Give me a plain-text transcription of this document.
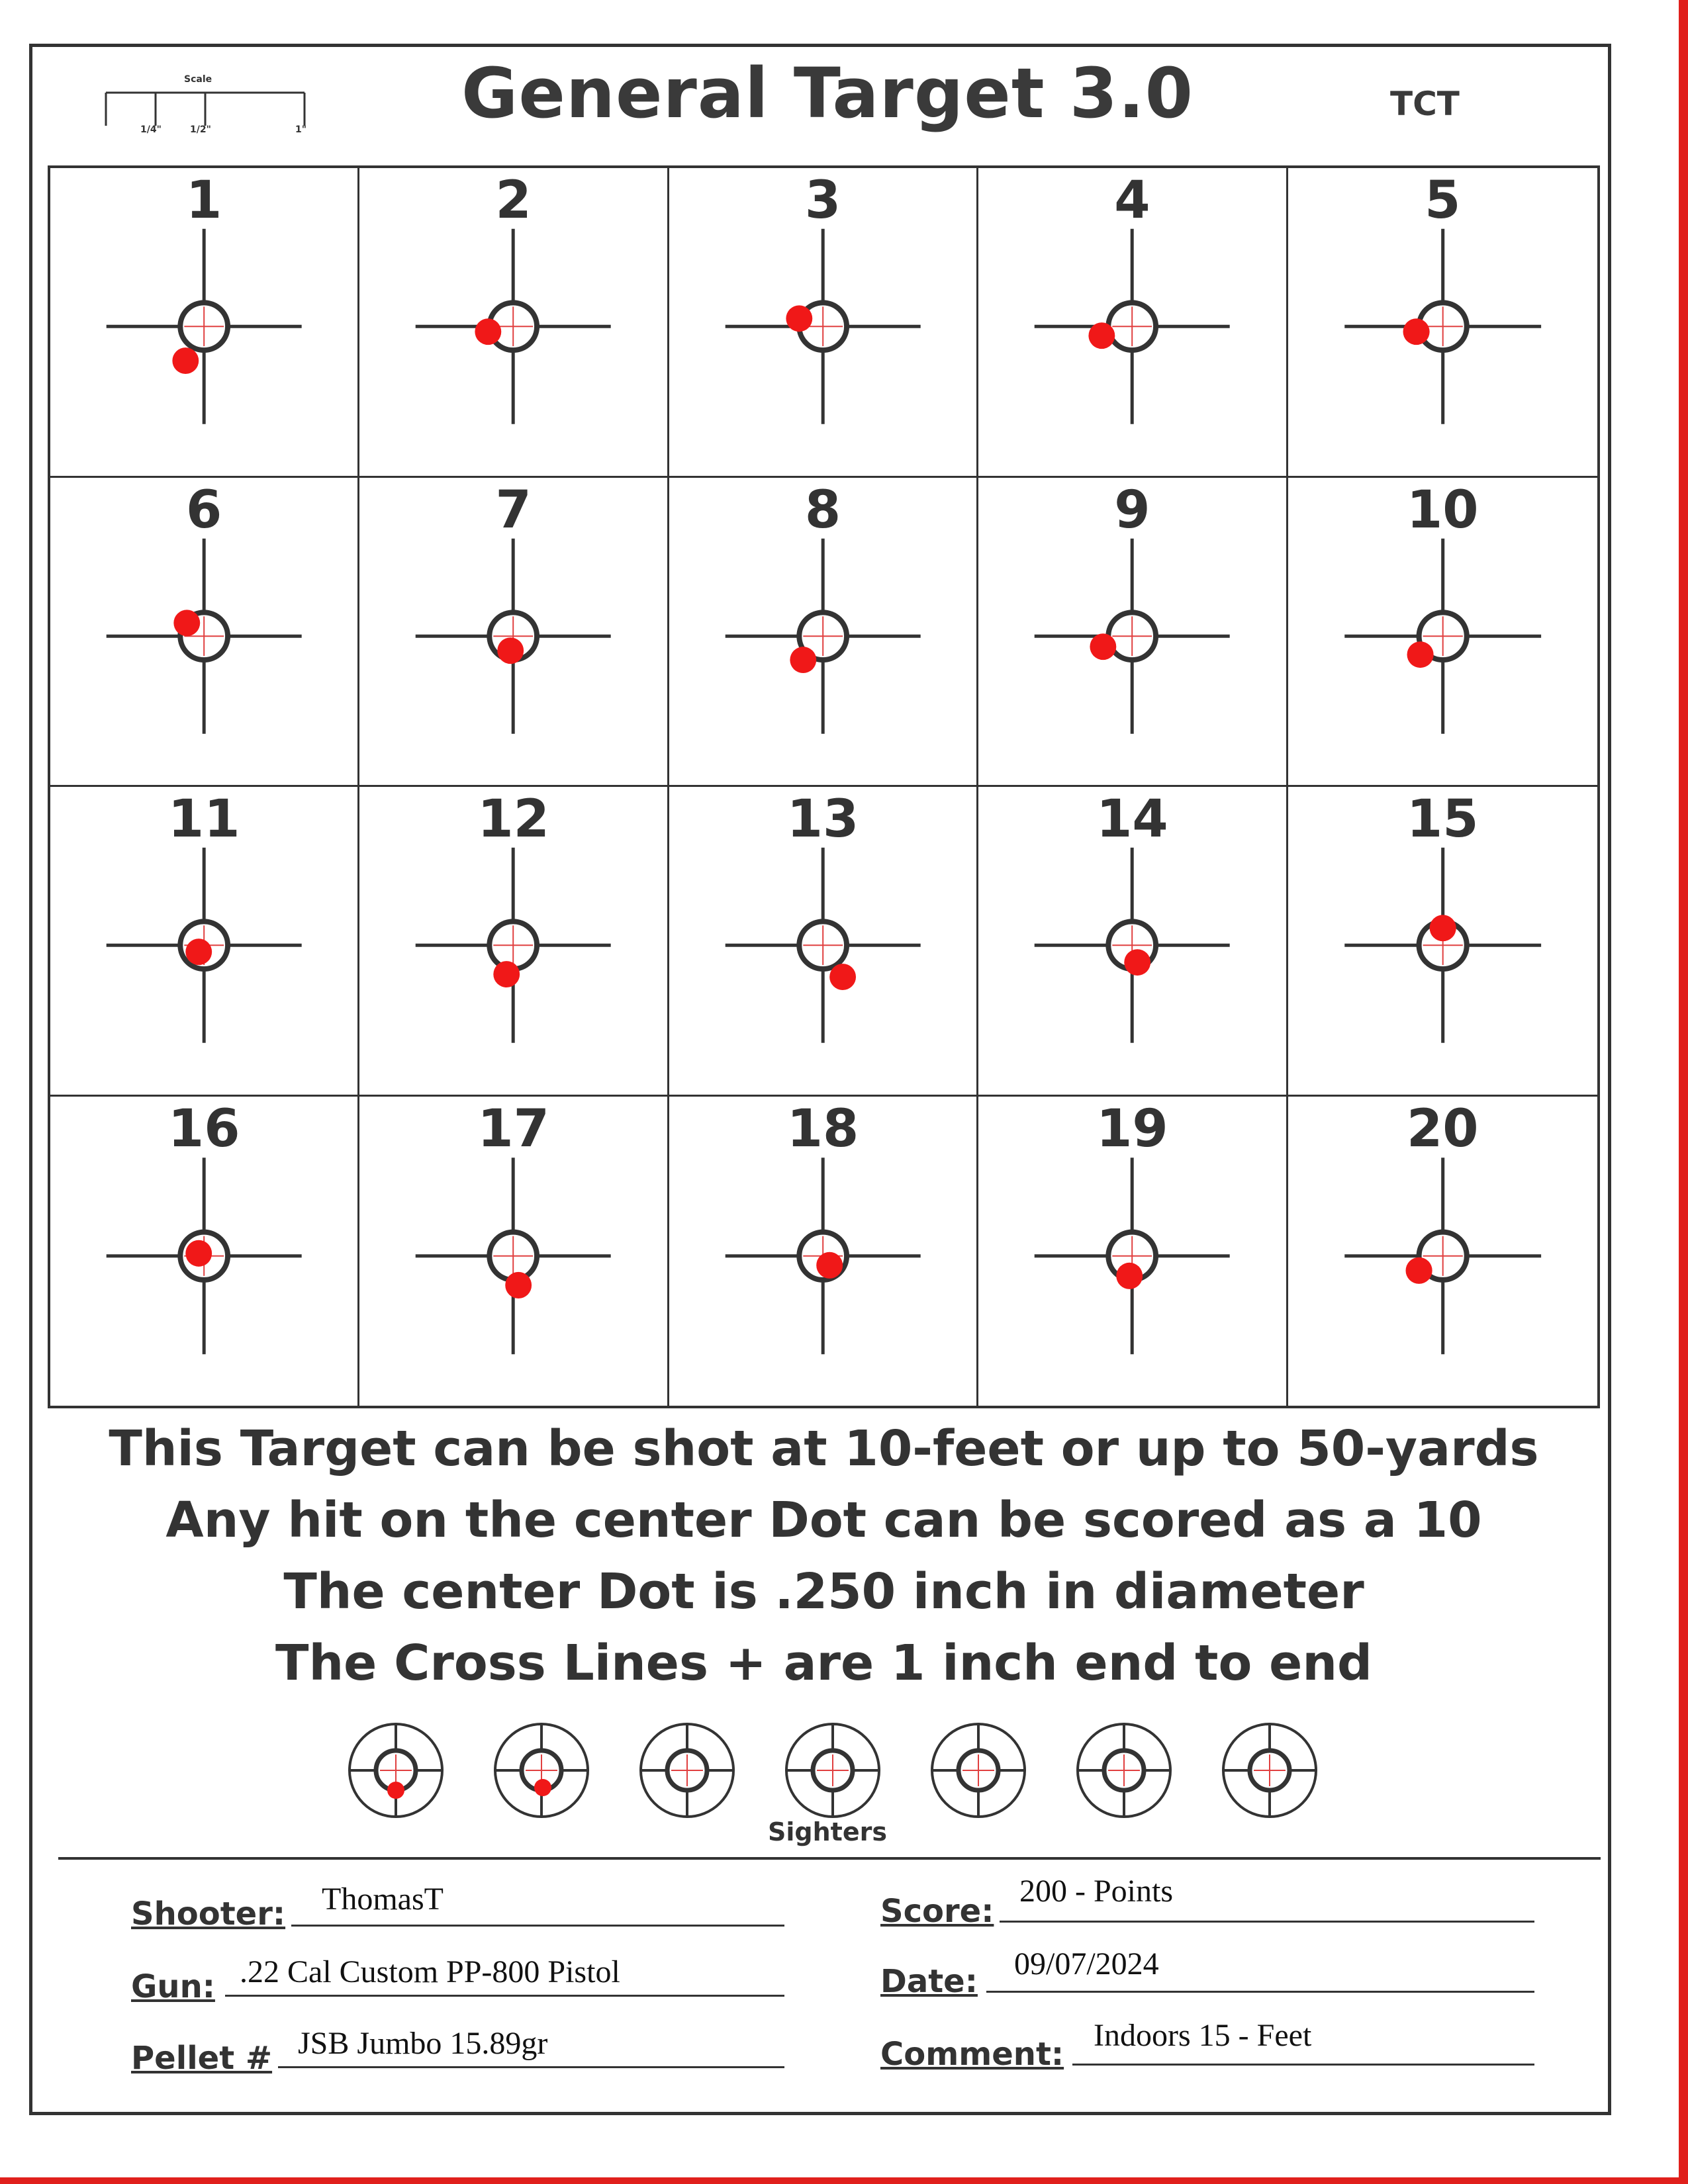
Scale
1/4"	1/2"	1"	General Target 3.0	TCT
1	2	3	4	5
6	7	8	9	10
11	12	13	14	15
16	17	18	19	20
This Target can be shot at 10-feet or up to 50-yards
Any hit on the center Dot can be scored as a 10
The center Dot is .250 inch in diameter
The Cross Lines + are 1 inch end to end
Sighters
Shooter: ThomasT
Gun: .22 Cal Custom PP-800 Pistol
Pellet # JSB Jumbo 15.89gr
Score:
200 - Points
Date: 09/07/2024
Comment:
Indoors 15 - Feet
